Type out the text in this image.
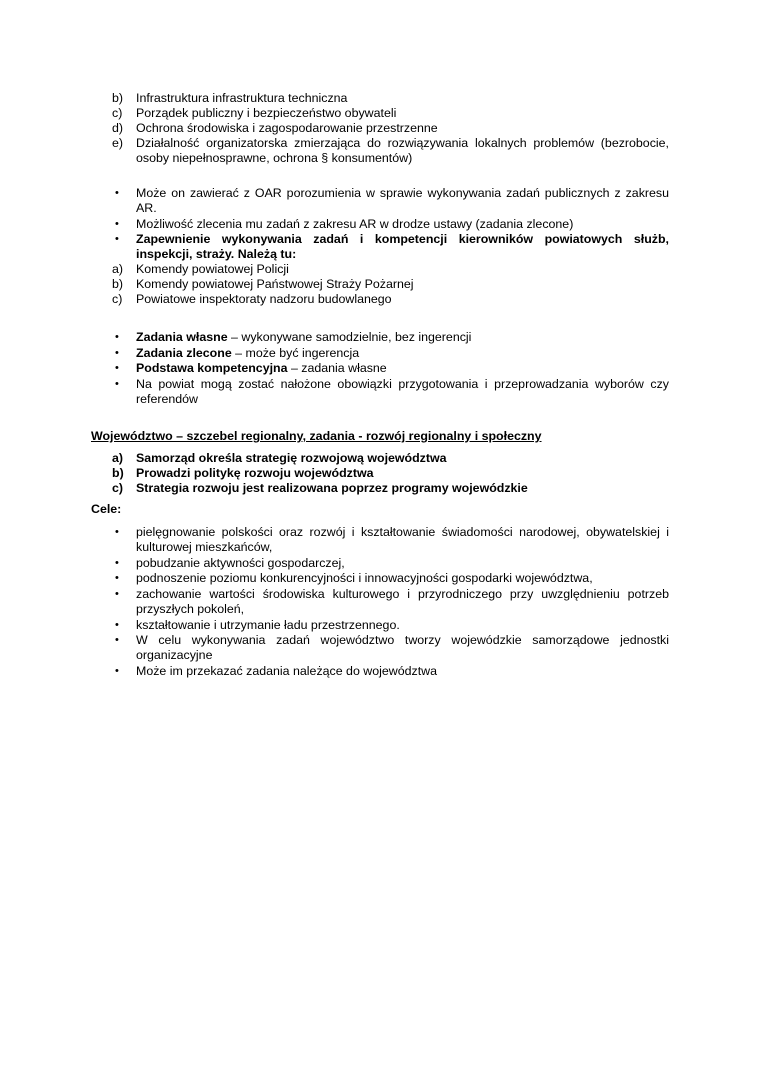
b) Infrastruktura infrastruktura techniczna
c) Porządek publiczny i bezpieczeństwo obywateli
d) Ochrona środowiska i zagospodarowanie przestrzenne
e) Działalność organizatorska zmierzająca do rozwiązywania lokalnych problemów (bezrobocie,
osoby niepełnosprawne, ochrona § konsumentów)
• Może on zawierać z OAR porozumienia w sprawie wykonywania zadań publicznych z zakresu
AR.
• Możliwość zlecenia mu zadań z zakresu AR w drodze ustawy (zadania zlecone)
• Zapewnienie wykonywania zadań i kompetencji kierowników powiatowych służb,
inspekcji, straży. Należą tu:
a) Komendy powiatowej Policji
b) Komendy powiatowej Państwowej Straży Pożarnej
c) Powiatowe inspektoraty nadzoru budowlanego
• Zadania własne – wykonywane samodzielnie, bez ingerencji
• Zadania zlecone – może być ingerencja
• Podstawa kompetencyjna – zadania własne
• Na powiat mogą zostać nałożone obowiązki przygotowania i przeprowadzania wyborów czy
referendów
Województwo – szczebel regionalny, zadania - rozwój regionalny i społeczny
a) Samorząd określa strategię rozwojową województwa
b) Prowadzi politykę rozwoju województwa
c) Strategia rozwoju jest realizowana poprzez programy wojewódzkie
Cele:
• pielęgnowanie polskości oraz rozwój i kształtowanie świadomości narodowej, obywatelskiej i
kulturowej mieszkańców,
• pobudzanie aktywności gospodarczej,
• podnoszenie poziomu konkurencyjności i innowacyjności gospodarki województwa,
• zachowanie wartości środowiska kulturowego i przyrodniczego przy uwzględnieniu potrzeb
przyszłych pokoleń,
• kształtowanie i utrzymanie ładu przestrzennego.
• W celu wykonywania zadań województwo tworzy wojewódzkie samorządowe jednostki
organizacyjne
• Może im przekazać zadania należące do województwa
